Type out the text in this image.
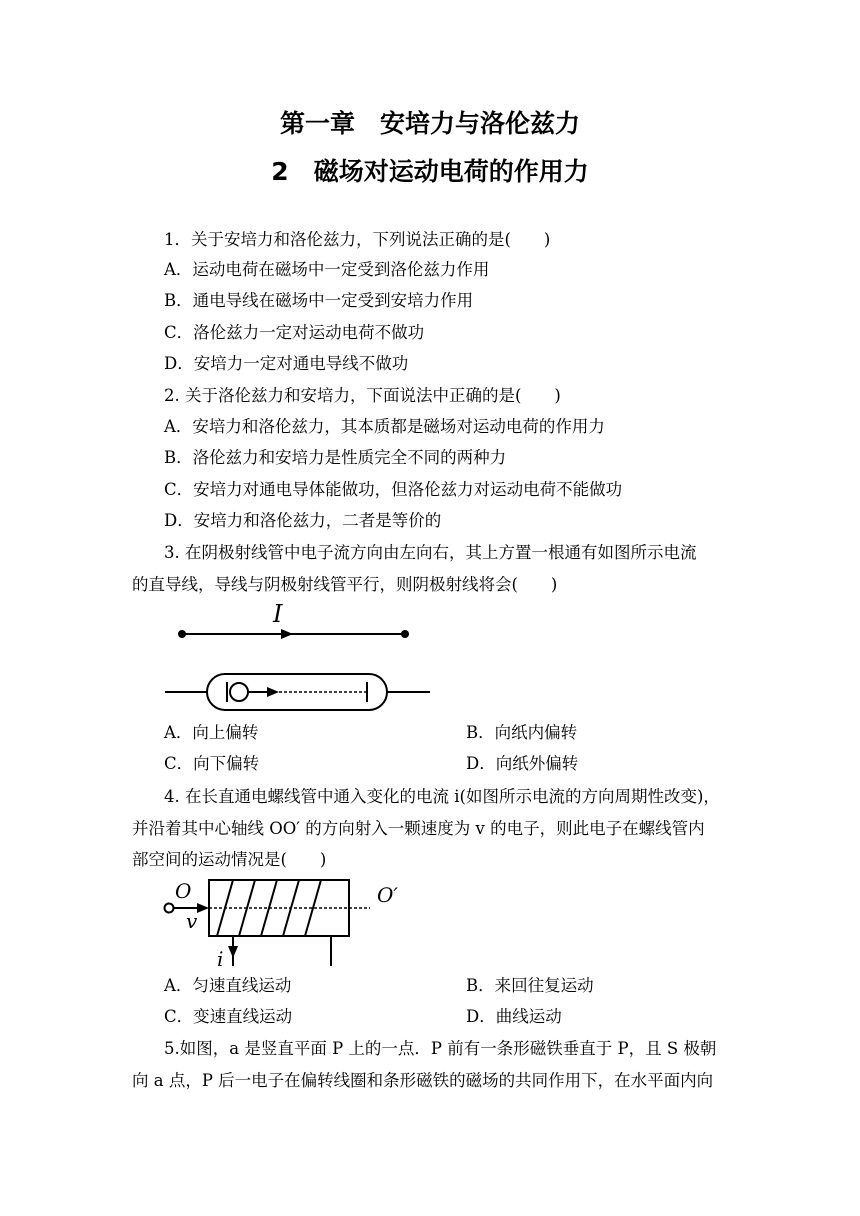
第一章　安培力与洛伦兹力
2　磁场对运动电荷的作用力
1．关于安培力和洛伦兹力，下列说法正确的是(　　)
A．运动电荷在磁场中一定受到洛伦兹力作用
B．通电导线在磁场中一定受到安培力作用
C．洛伦兹力一定对运动电荷不做功
D．安培力一定对通电导线不做功
2. 关于洛伦兹力和安培力，下面说法中正确的是(　　)
A．安培力和洛伦兹力，其本质都是磁场对运动电荷的作用力
B．洛伦兹力和安培力是性质完全不同的两种力
C．安培力对通电导体能做功，但洛伦兹力对运动电荷不能做功
D．安培力和洛伦兹力，二者是等价的
3. 在阴极射线管中电子流方向由左向右，其上方置一根通有如图所示电流
的直导线，导线与阴极射线管平行，则阴极射线将会(　　)
I
A．向上偏转	B．向纸内偏转
C．向下偏转	D．向纸外偏转
4. 在长直通电螺线管中通入变化的电流 i(如图所示电流的方向周期性改变)，
并沿着其中心轴线 OO′ 的方向射入一颗速度为 v 的电子，则此电子在螺线管内
部空间的运动情况是(　　)
O	O′
v
i
A．匀速直线运动	B．来回往复运动
C．变速直线运动	D．曲线运动
5.如图，a 是竖直平面 P 上的一点．P 前有一条形磁铁垂直于 P，且 S 极朝
向 a 点，P 后一电子在偏转线圈和条形磁铁的磁场的共同作用下，在水平面内向
